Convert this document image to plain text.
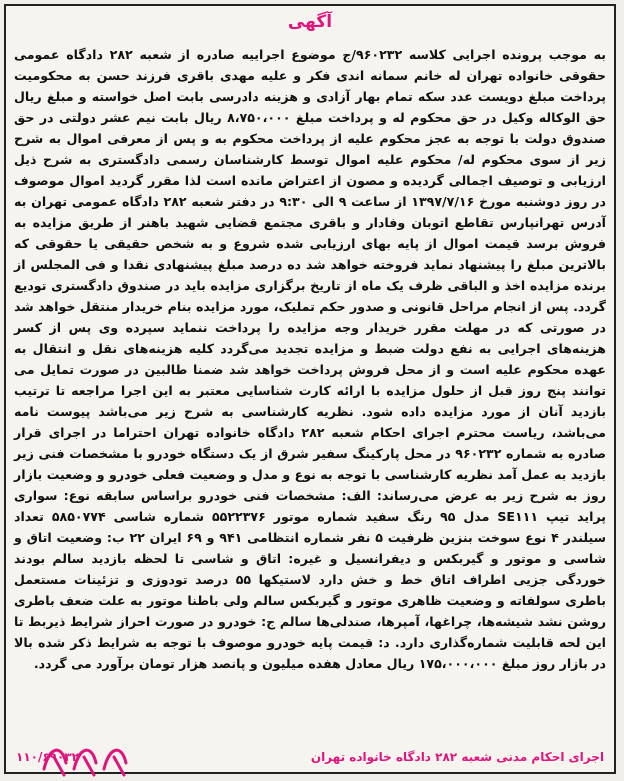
آگهی
به موجب پرونده اجرایی کلاسه ۹۶۰۲۳۲/ج موضوع اجراییه صادره از شعبه ۲۸۲ دادگاه عمومی حقوقی خانواده تهران له خانم سمانه اندی فکر و علیه مهدی باقری فرزند حسن به محکومیت پرداخت مبلغ دویست عدد سکه تمام بهار آزادی و هزینه دادرسی بابت اصل خواسته و مبلغ ریال حق الوکاله وکیل در حق محکوم له و پرداخت مبلغ ۸،۷۵۰،۰۰۰ ریال بابت نیم عشر دولتی در حق صندوق دولت با توجه به عجز محکوم علیه از پرداخت محکوم به و پس از معرفی اموال به شرح زیر از سوی محکوم له/ محکوم علیه اموال توسط کارشناسان رسمی دادگستری به شرح ذیل ارزیابی و توصیف اجمالی گردیده و مصون از اعتراض مانده است لذا مقرر گردید اموال موصوف در روز دوشنبه مورخ ۱۳۹۷/۷/۱۶ از ساعت ۹ الی ۹:۳۰ در دفتر شعبه ۲۸۲ دادگاه عمومی تهران به آدرس تهرانپارس تقاطع اتوبان وفادار و باقری مجتمع قضایی شهید باهنر از طریق مزایده به فروش برسد قیمت اموال از پایه بهای ارزیابی شده شروع و به شخص حقیقی یا حقوقی که بالاترین مبلغ را پیشنهاد نماید فروخته خواهد شد ده درصد مبلغ پیشنهادی نقدا و فی المجلس از برنده مزایده اخذ و الباقی ظرف یک ماه از تاریخ برگزاری مزایده باید در صندوق دادگستری تودیع گردد. پس از انجام مراحل قانونی و صدور حکم تملیک، مورد مزایده بنام خریدار منتقل خواهد شد در صورتی که در مهلت مقرر خریدار وجه مزایده را پرداخت ننماید سپرده وی پس از کسر هزینه‌های اجرایی به نفع دولت ضبط و مزایده تجدید می‌گردد کلیه هزینه‌های نقل و انتقال به عهده محکوم علیه است و از محل فروش پرداخت خواهد شد ضمنا طالبین در صورت تمایل می توانند پنج روز قبل از حلول مزایده با ارائه کارت شناسایی معتبر به این اجرا مراجعه تا ترتیب بازدید آنان از مورد مزایده داده شود. نظریه کارشناسی به شرح زیر می‌باشد پیوست نامه می‌باشد، ریاست محترم اجرای احکام شعبه ۲۸۲ دادگاه خانواده تهران احتراما در اجرای قرار صادره به شماره ۹۶۰۲۳۲ در محل پارکینگ سفیر شرق از یک دستگاه خودرو با مشخصات فنی زیر بازدید به عمل آمد نظریه کارشناسی با توجه به نوع و مدل و وضعیت فعلی خودرو و وضعیت بازار روز به شرح زیر به عرض می‌رساند: الف: مشخصات فنی خودرو براساس سابقه نوع: سواری پراید تیپ SE۱۱۱ مدل ۹۵ رنگ سفید شماره موتور ۵۵۲۲۳۷۶ شماره شاسی ۵۸۵۰۷۷۴ تعداد سیلندر ۴ نوع سوخت بنزین ظرفیت ۵ نفر شماره انتظامی ۹۴۱ و ۶۹ ایران ۲۲ ب: وضعیت اتاق و شاسی و موتور و گیربکس و دیفرانسیل و غیره: اتاق و شاسی تا لحظه بازدید سالم بودند خوردگی جزیی اطراف اتاق خط و خش دارد لاستیکها ۵۵ درصد تودوزی و تزئینات مستعمل باطری سولفاته و وضعیت ظاهری موتور و گیربکس سالم ولی باطنا موتور به علت ضعف باطری روشن نشد شیشه‌ها، چراغها، آمپرها، صندلی‌ها سالم ج: خودرو در صورت احراز شرایط ذیربط تا این لحه قابلیت شماره‌گذاری دارد. د: قیمت پایه خودرو موصوف با توجه به شرایط ذکر شده بالا در بازار روز مبلغ ۱۷۵،۰۰۰،۰۰۰ ریال معادل هفده میلیون و پانصد هزار تومان برآورد می گردد.
اجرای احکام مدنی شعبه ۲۸۲ دادگاه خانواده تهران
۱۱۰/۶۹۰۳۲
